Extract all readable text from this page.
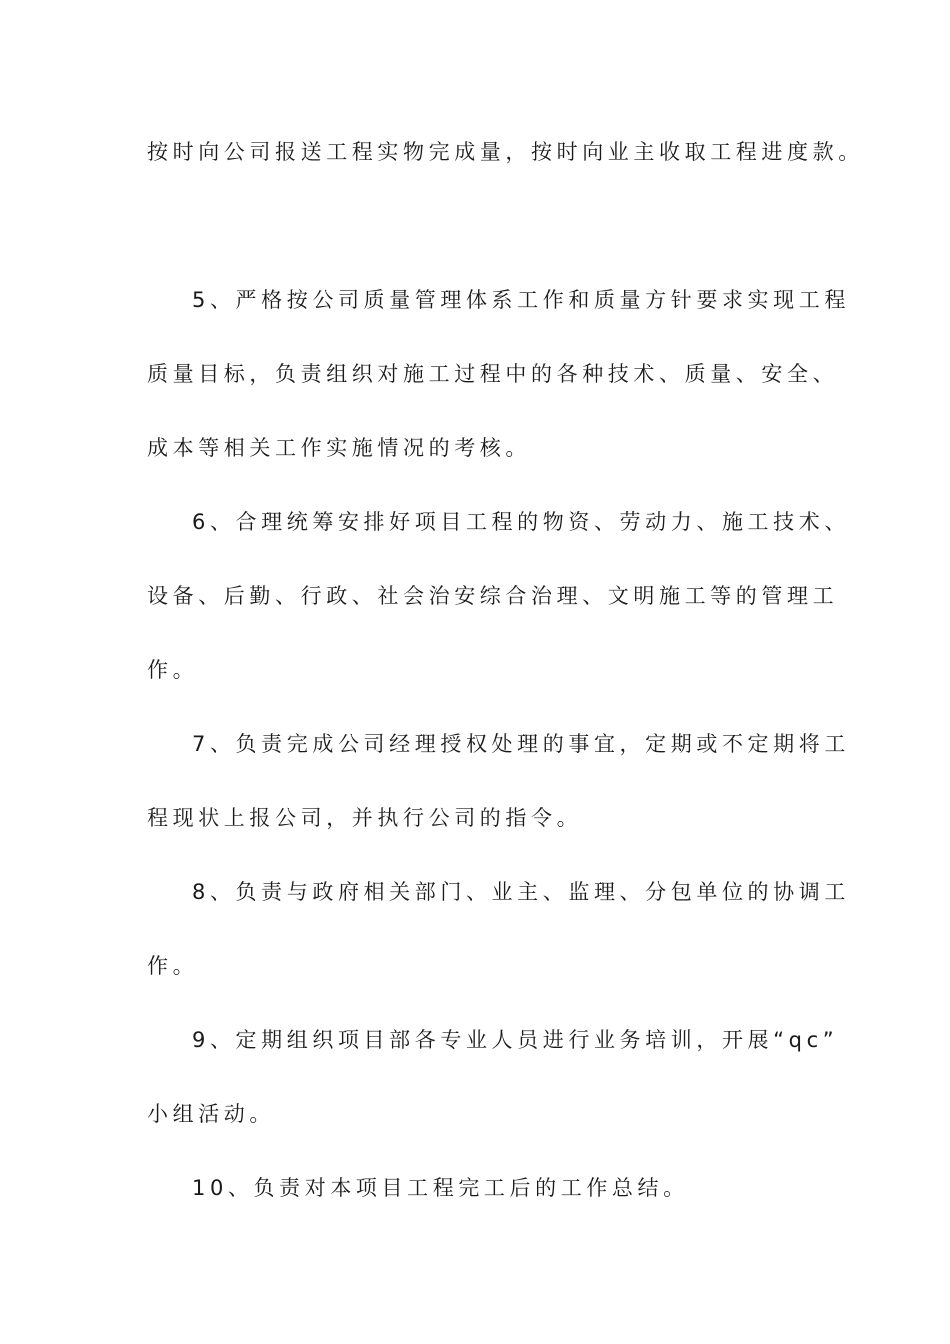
按时向公司报送工程实物完成量，按时向业主收取工程进度款。
5、严格按公司质量管理体系工作和质量方针要求实现工程
质量目标，负责组织对施工过程中的各种技术、质量、安全、
成本等相关工作实施情况的考核。
6、合理统筹安排好项目工程的物资、劳动力、施工技术、
设备、后勤、行政、社会治安综合治理、文明施工等的管理工
作。
7、负责完成公司经理授权处理的事宜，定期或不定期将工
程现状上报公司，并执行公司的指令。
8、负责与政府相关部门、业主、监理、分包单位的协调工
作。
9、定期组织项目部各专业人员进行业务培训，开展“qc”
小组活动。
10、负责对本项目工程完工后的工作总结。
